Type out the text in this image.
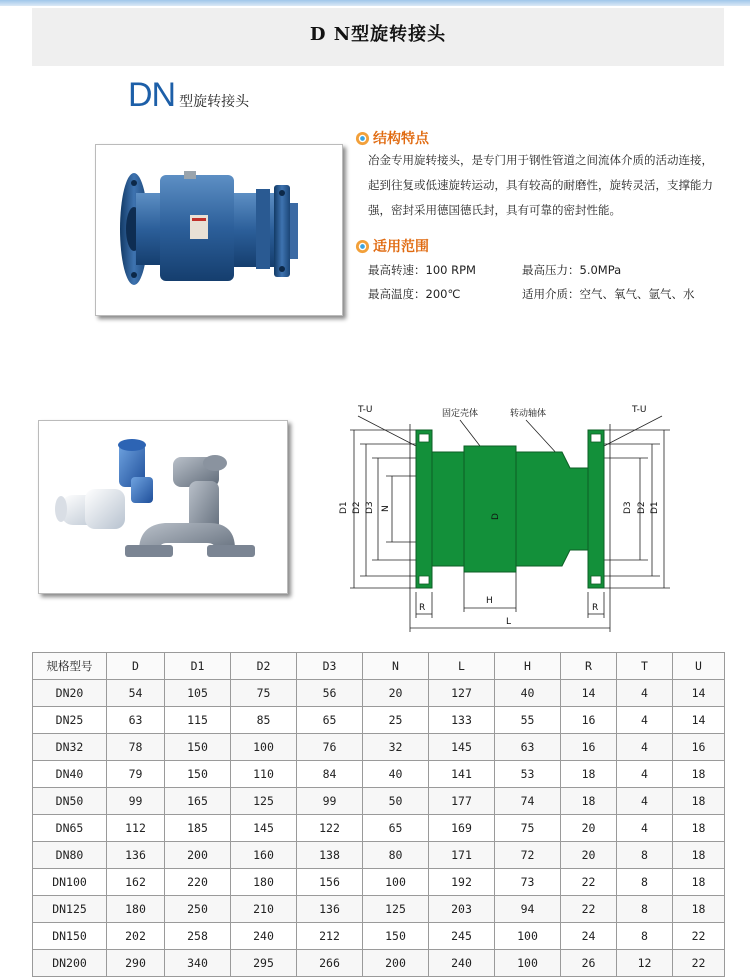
D N型旋转接头
DN 型旋转接头
结构特点
冶金专用旋转接头，是专门用于钢性管道之间流体介质的活动连接，
起到往复或低速旋转运动，具有较高的耐磨性，旋转灵活，支撑能力
强，密封采用德国德氏封，具有可靠的密封性能。
适用范围
最高转速：100 RPM	最高压力：5.0MPa
最高温度：200℃	适用介质：空气、氧气、氩气、水
T-U	T-U
固定壳体	转动轴体
D1 D2 D3 N
D
D3 D2 D1
H
R	R
L
规格型号	D	D1	D2	D3	N	L	H	R	T	U
DN20	54	105	75	56	20	127	40	14	4	14
DN25	63	115	85	65	25	133	55	16	4	14
DN32	78	150	100	76	32	145	63	16	4	16
DN40	79	150	110	84	40	141	53	18	4	18
DN50	99	165	125	99	50	177	74	18	4	18
DN65	112	185	145	122	65	169	75	20	4	18
DN80	136	200	160	138	80	171	72	20	8	18
DN100	162	220	180	156	100	192	73	22	8	18
DN125	180	250	210	136	125	203	94	22	8	18
DN150	202	258	240	212	150	245	100	24	8	22
DN200	290	340	295	266	200	240	100	26	12	22
